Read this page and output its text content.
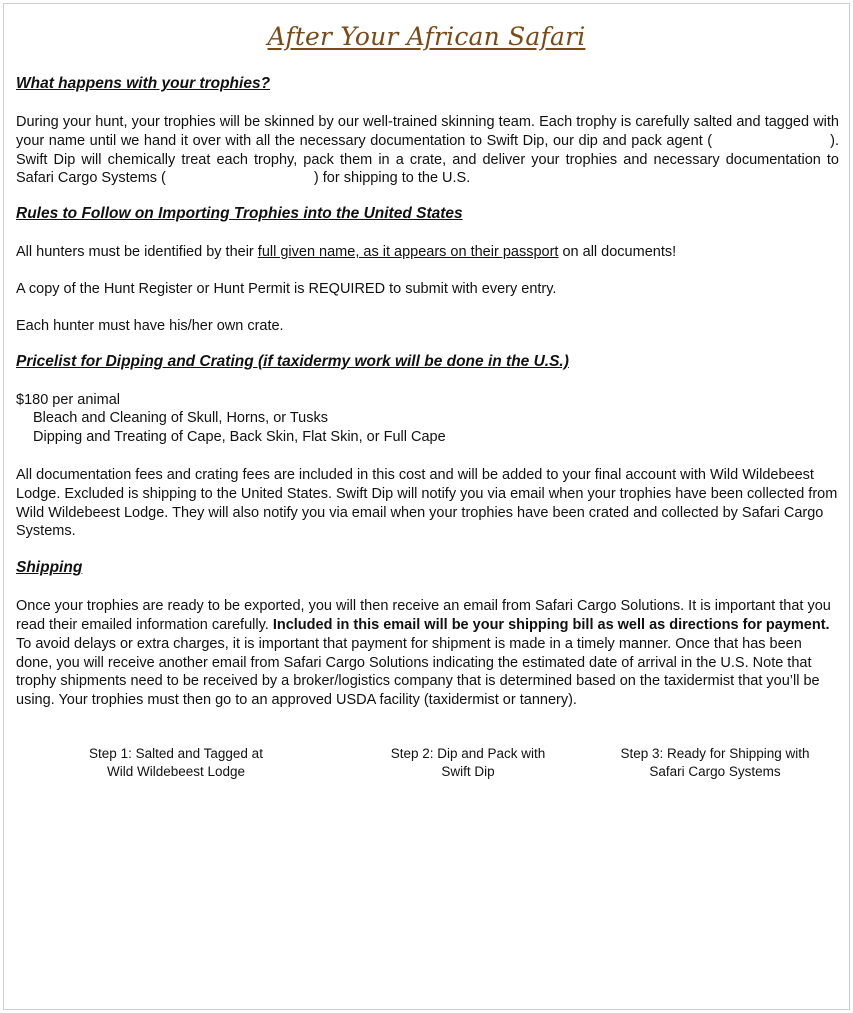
After Your African Safari
What happens with your trophies?

During your hunt, your trophies will be skinned by our well-trained skinning team. Each trophy is carefully salted and tagged with your name until we hand it over with all the necessary documentation to Swift Dip, our dip and pack agent (	). Swift Dip will chemically treat each trophy, pack them in a crate, and deliver your trophies and necessary documentation to Safari Cargo Systems (	) for shipping to the U.S.

Rules to Follow on Importing Trophies into the United States

All hunters must be identified by their full given name, as it appears on their passport on all documents!

A copy of the Hunt Register or Hunt Permit is REQUIRED to submit with every entry.

Each hunter must have his/her own crate.

Pricelist for Dipping and Crating (if taxidermy work will be done in the U.S.)

$180 per animal

Bleach and Cleaning of Skull, Horns, or Tusks

Dipping and Treating of Cape, Back Skin, Flat Skin, or Full Cape

All documentation fees and crating fees are included in this cost and will be added to your final account with Wild Wildebeest Lodge. Excluded is shipping to the United States. Swift Dip will notify you via email when your trophies have been collected from Wild Wildebeest Lodge. They will also notify you via email when your trophies have been crated and collected by Safari Cargo Systems.

Shipping

Once your trophies are ready to be exported, you will then receive an email from Safari Cargo Solutions. It is important that you read their emailed information carefully. Included in this email will be your shipping bill as well as directions for payment. To avoid delays or extra charges, it is important that payment for shipment is made in a timely manner. Once that has been done, you will receive another email from Safari Cargo Solutions indicating the estimated date of arrival in the U.S. Note that trophy shipments need to be received by a broker/logistics company that is determined based on the taxidermist that you’ll be using. Your trophies must then go to an approved USDA facility (taxidermist or tannery).

Step 1: Salted and Tagged at
Wild Wildebeest Lodge
Step 2: Dip and Pack with
Swift Dip
Step 3: Ready for Shipping with
Safari Cargo Systems
